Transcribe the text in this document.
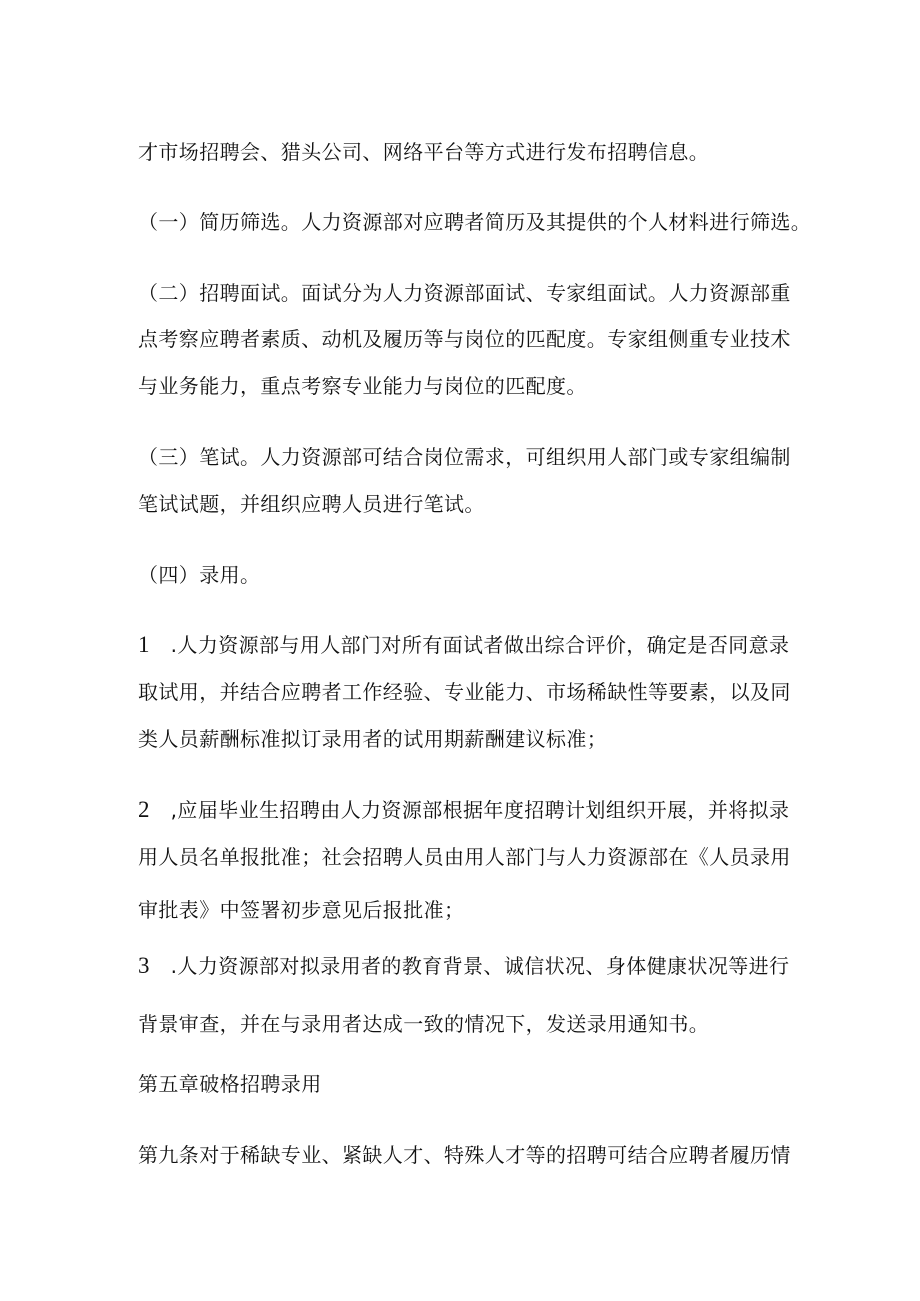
才市场招聘会、猎头公司、网络平台等方式进行发布招聘信息。
（一）简历筛选。人力资源部对应聘者简历及其提供的个人材料进行筛选。
（二）招聘面试。面试分为人力资源部面试、专家组面试。人力资源部重
点考察应聘者素质、动机及履历等与岗位的匹配度。专家组侧重专业技术
与业务能力，重点考察专业能力与岗位的匹配度。
（三）笔试。人力资源部可结合岗位需求，可组织用人部门或专家组编制
笔试试题，并组织应聘人员进行笔试。
（四）录用。
1 .人力资源部与用人部门对所有面试者做出综合评价，确定是否同意录
取试用，并结合应聘者工作经验、专业能力、市场稀缺性等要素，以及同
类人员薪酬标准拟订录用者的试用期薪酬建议标准；
2 ,应届毕业生招聘由人力资源部根据年度招聘计划组织开展，并将拟录
用人员名单报批准；社会招聘人员由用人部门与人力资源部在《人员录用
审批表》中签署初步意见后报批准；
3 .人力资源部对拟录用者的教育背景、诚信状况、身体健康状况等进行
背景审查，并在与录用者达成一致的情况下，发送录用通知书。
第五章破格招聘录用
第九条对于稀缺专业、紧缺人才、特殊人才等的招聘可结合应聘者履历情
